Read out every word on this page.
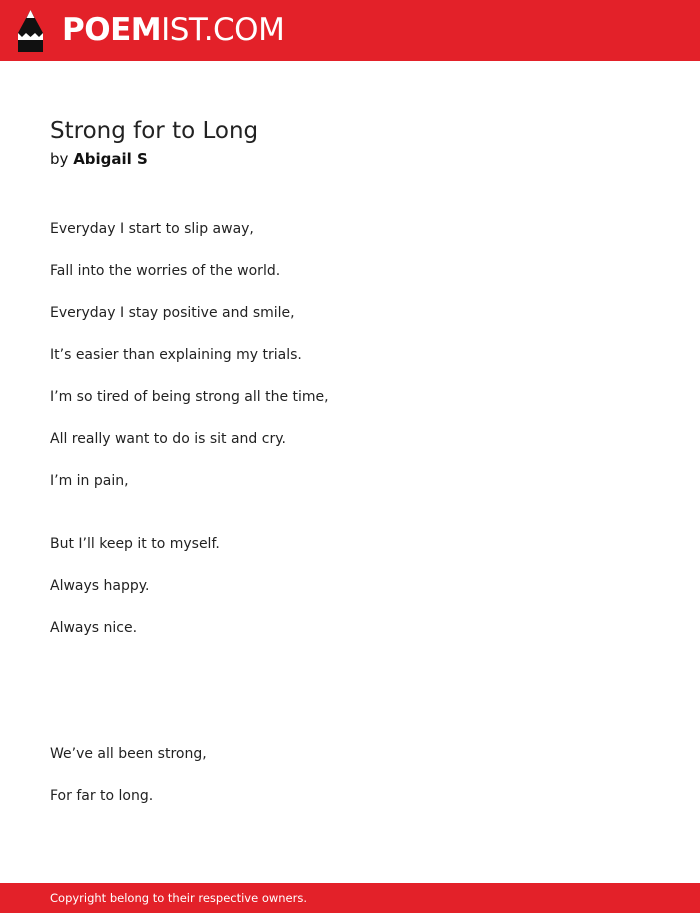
POEMIST.COM
Strong for to Long
by Abigail S
Everyday I start to slip away,
Fall into the worries of the world.
Everyday I stay positive and smile,
It’s easier than explaining my trials.
I’m so tired of being strong all the time,
All really want to do is sit and cry.
I’m in pain,
But I’ll keep it to myself.
Always happy.
Always nice.
We’ve all been strong,
For far to long.
Copyright belong to their respective owners.
